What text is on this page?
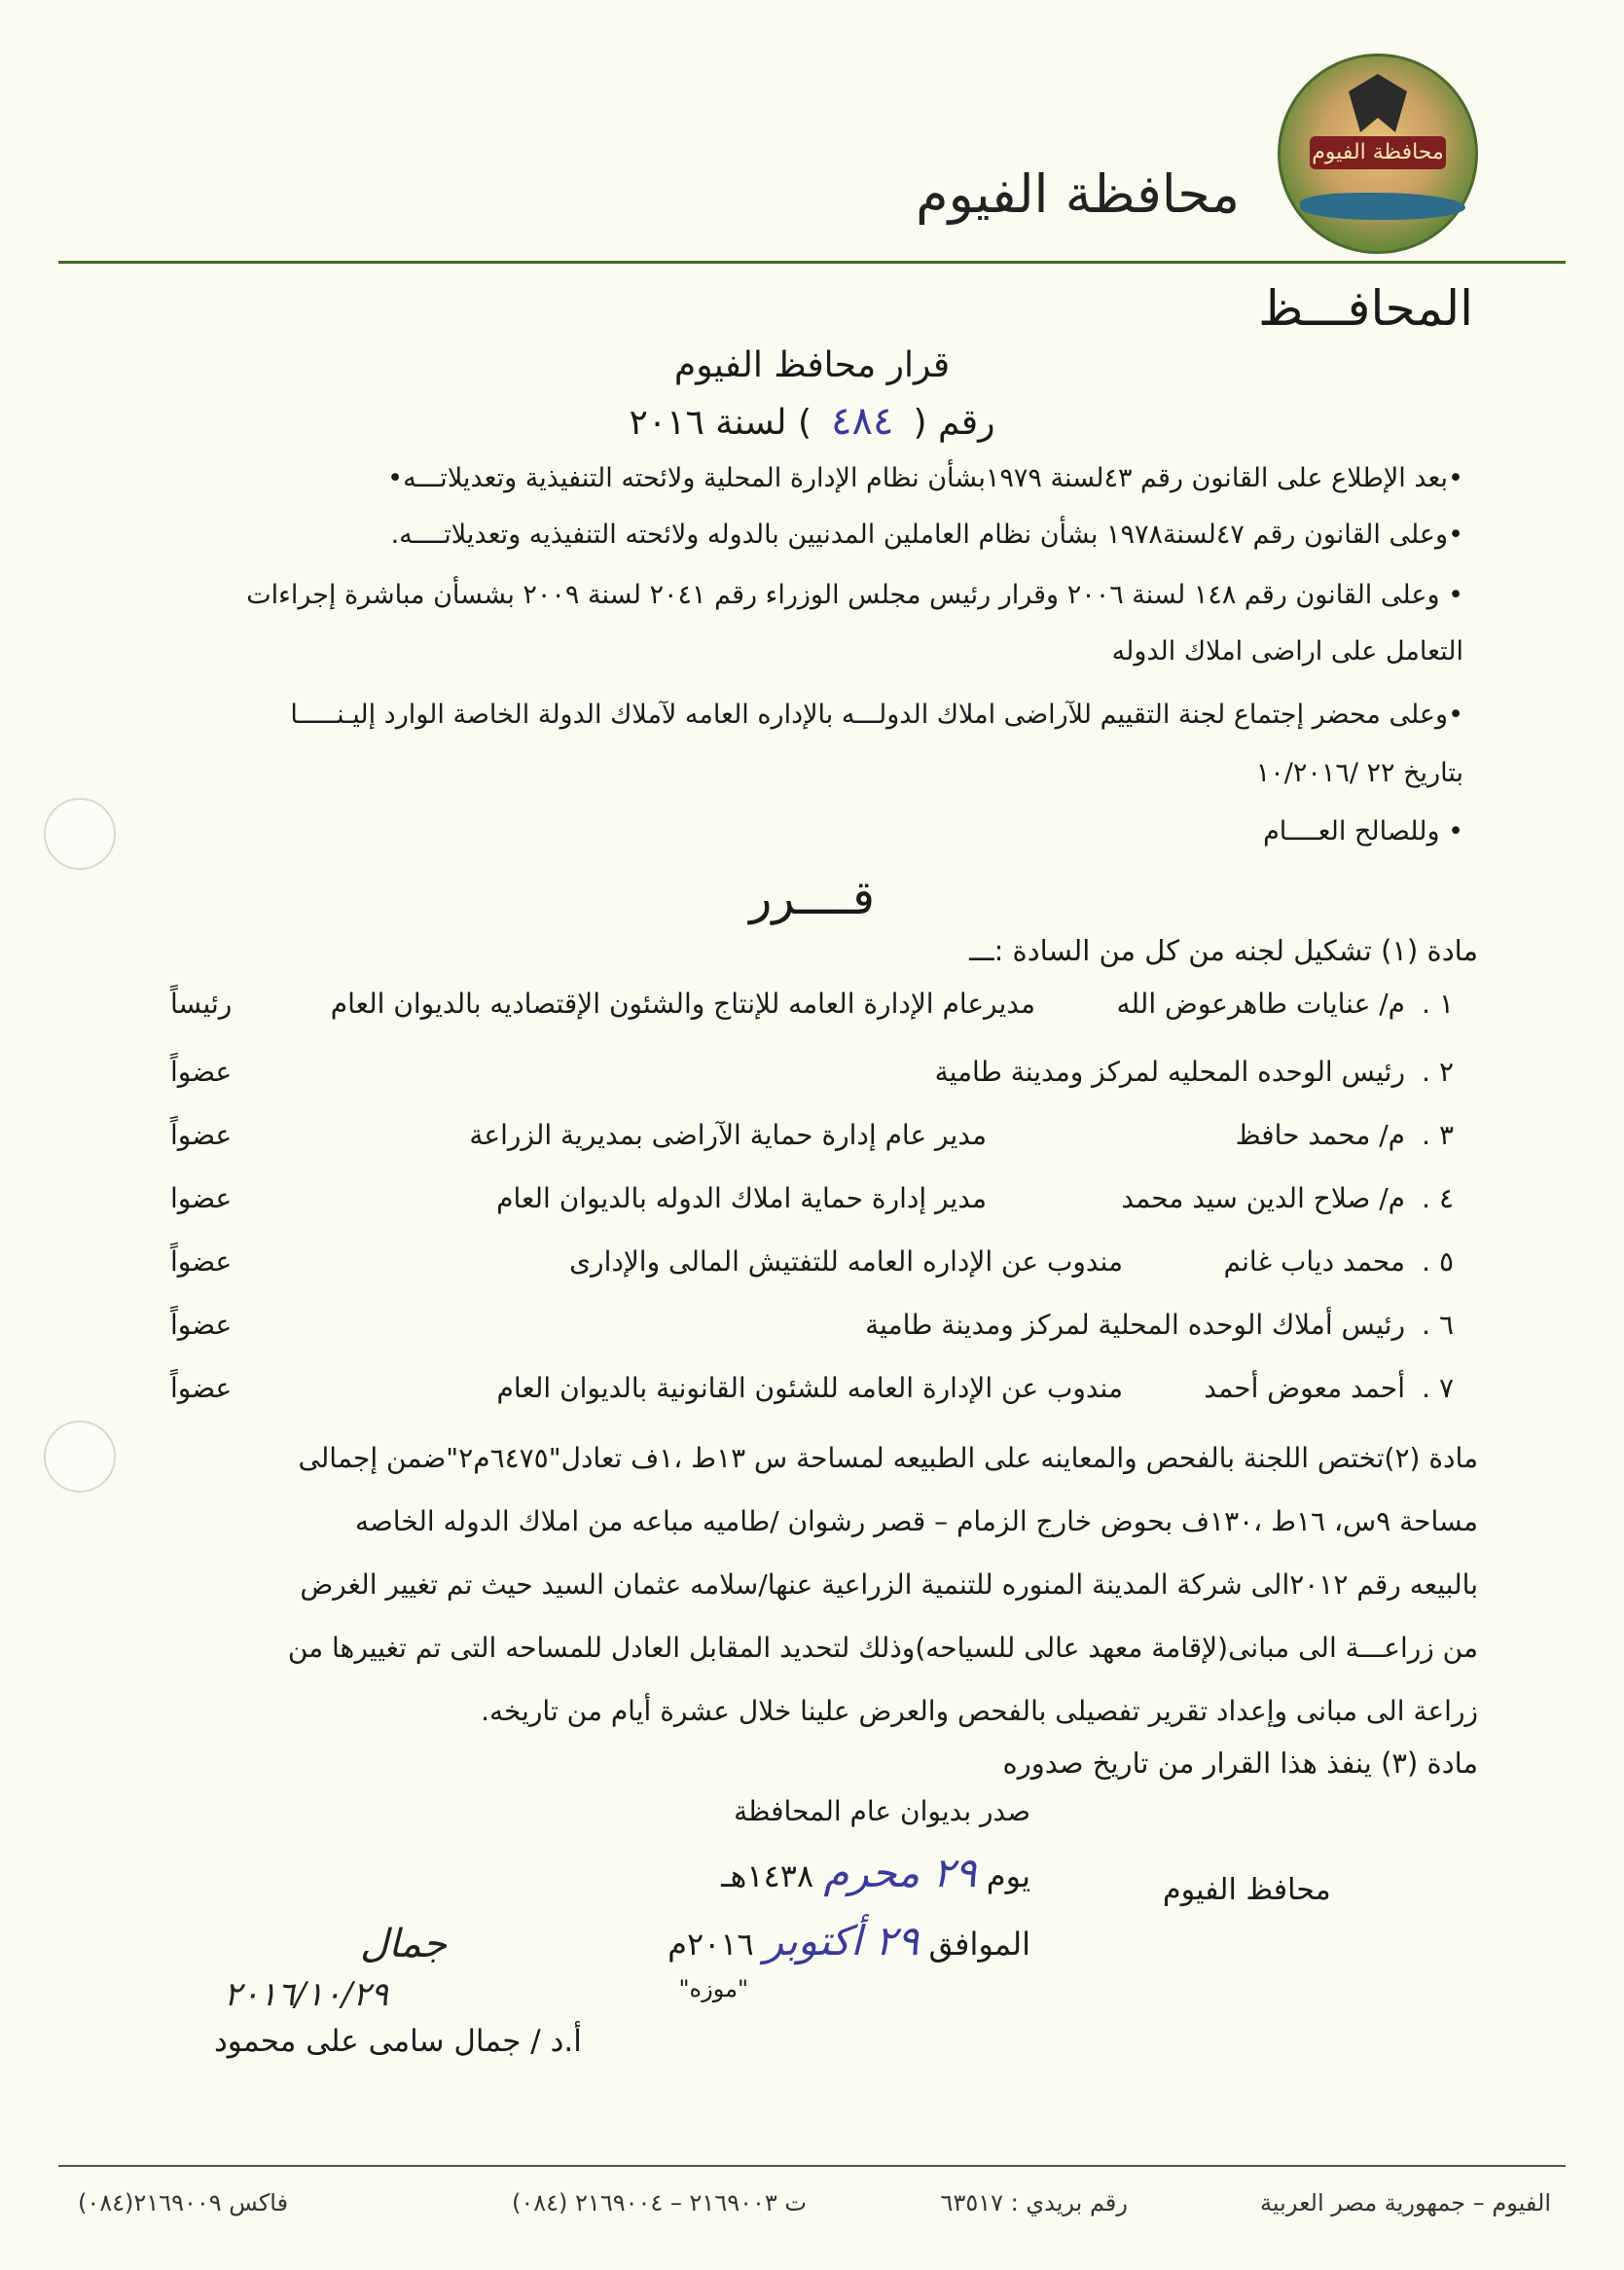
محافظة الفيوم
محافظة الفيوم
المحافـــظ
قرار محافظ الفيوم
رقم (٤٨٤) لسنة ٢٠١٦
•بعد الإطلاع على القانون رقم ٤٣لسنة ١٩٧٩بشأن نظام الإدارة المحلية ولائحته التنفيذية وتعديلاتـــه•
•وعلى القانون رقم ٤٧لسنة١٩٧٨ بشأن نظام العاملين المدنيين بالدوله ولائحته التنفيذيه وتعديلاتــــه.
• وعلى القانون رقم ١٤٨ لسنة ٢٠٠٦ وقرار رئيس مجلس الوزراء رقم ٢٠٤١ لسنة ٢٠٠٩ بشسأن مباشرة إجراءات
التعامل على اراضى املاك الدوله
•وعلى محضر إجتماع لجنة التقييم للآراضى املاك الدولـــه بالإداره العامه لآملاك الدولة الخاصة الوارد إليـنـــــا
بتاريخ ٢٢ /١٠/٢٠١٦
• وللصالح العــــام
قــــرر
مادة (١) تشكيل لجنه من كل من السادة :ـــ
١ .
م/ عنايات طاهرعوض الله
مديرعام الإدارة العامه للإنتاج والشئون الإقتصاديه بالديوان العام
رئيساً
٢ .
رئيس الوحده المحليه لمركز ومدينة طامية
عضواً
٣ .
م/ محمد حافظ
مدير عام إدارة حماية الآراضى بمديرية الزراعة
عضواً
٤ .
م/ صلاح الدين سيد محمد
مدير إدارة حماية املاك الدوله بالديوان العام
عضوا
٥ .
محمد دياب غانم
مندوب عن الإداره العامه للتفتيش المالى والإدارى
عضواً
٦ .
رئيس أملاك الوحده المحلية لمركز ومدينة طامية
عضواً
٧ .
أحمد معوض أحمد
مندوب عن الإدارة العامه للشئون القانونية بالديوان العام
عضواً
مادة (٢)تختص اللجنة بالفحص والمعاينه على الطبيعه لمساحة س ١٣ط ،١ف تعادل"٦٤٧٥م٢"ضمن إجمالى
مساحة ٩س، ١٦ط ،١٣٠ف بحوض خارج الزمام – قصر رشوان /طاميه مباعه من املاك الدوله الخاصه
بالبيعه رقم ٢٠١٢الى شركة المدينة المنوره للتنمية الزراعية عنها/سلامه عثمان السيد حيث تم تغيير الغرض
من زراعـــة الى مبانى(لإقامة معهد عالى للسياحه)وذلك لتحديد المقابل العادل للمساحه التى تم تغييرها من
زراعة الى مبانى وإعداد تقرير تفصيلى بالفحص والعرض علينا خلال عشرة أيام من تاريخه.
مادة (٣) ينفذ هذا القرار من تاريخ صدوره
صدر بديوان عام المحافظة
يوم ٢٩ محرم ١٤٣٨هـ
الموافق ٢٩ أكتوبر ٢٠١٦م
"موزه"
محافظ الفيوم
جمال
٢٠١٦/١٠/٢٩
أ.د / جمال سامى على محمود
الفيوم – جمهورية مصر العربية
رقم بريدي : ٦٣٥١٧
ت ٢١٦٩٠٠٣ – ٢١٦٩٠٠٤ (٠٨٤)
فاكس ٢١٦٩٠٠٩(٠٨٤)
